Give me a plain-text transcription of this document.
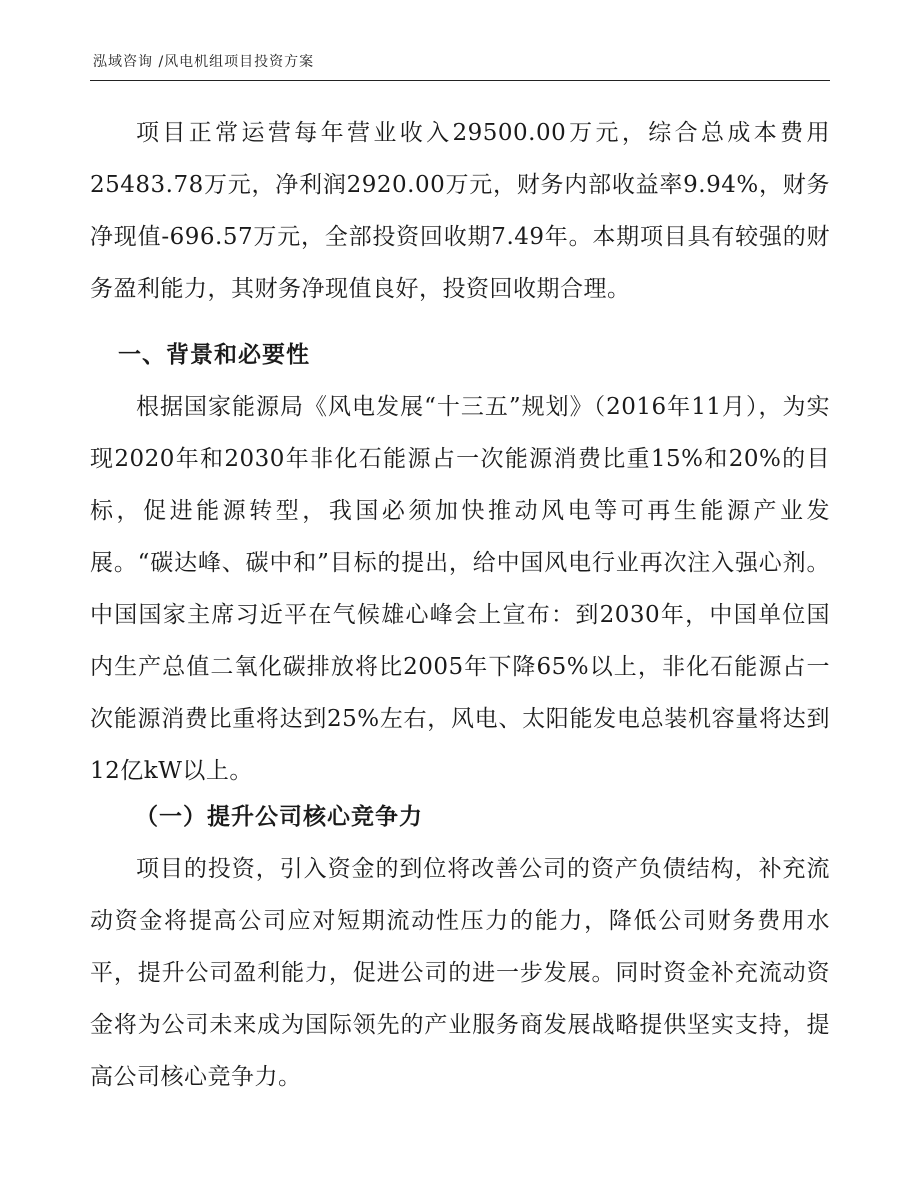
泓域咨询 /风电机组项目投资方案

项目正常运营每年营业收入29500.00万元，综合总成本费用25483.78万元，净利润2920.00万元，财务内部收益率9.94%，财务净现值-696.57万元，全部投资回收期7.49年。本期项目具有较强的财务盈利能力，其财务净现值良好，投资回收期合理。

一、背景和必要性

根据国家能源局《风电发展“十三五”规划》（2016年11月），为实现2020年和2030年非化石能源占一次能源消费比重15%和20%的目标，促进能源转型，我国必须加快推动风电等可再生能源产业发展。“碳达峰、碳中和”目标的提出，给中国风电行业再次注入强心剂。中国国家主席习近平在气候雄心峰会上宣布：到2030年，中国单位国内生产总值二氧化碳排放将比2005年下降65%以上，非化石能源占一次能源消费比重将达到25%左右，风电、太阳能发电总装机容量将达到12亿kW以上。

（一）提升公司核心竞争力

项目的投资，引入资金的到位将改善公司的资产负债结构，补充流动资金将提高公司应对短期流动性压力的能力，降低公司财务费用水平，提升公司盈利能力，促进公司的进一步发展。同时资金补充流动资金将为公司未来成为国际领先的产业服务商发展战略提供坚实支持，提高公司核心竞争力。
